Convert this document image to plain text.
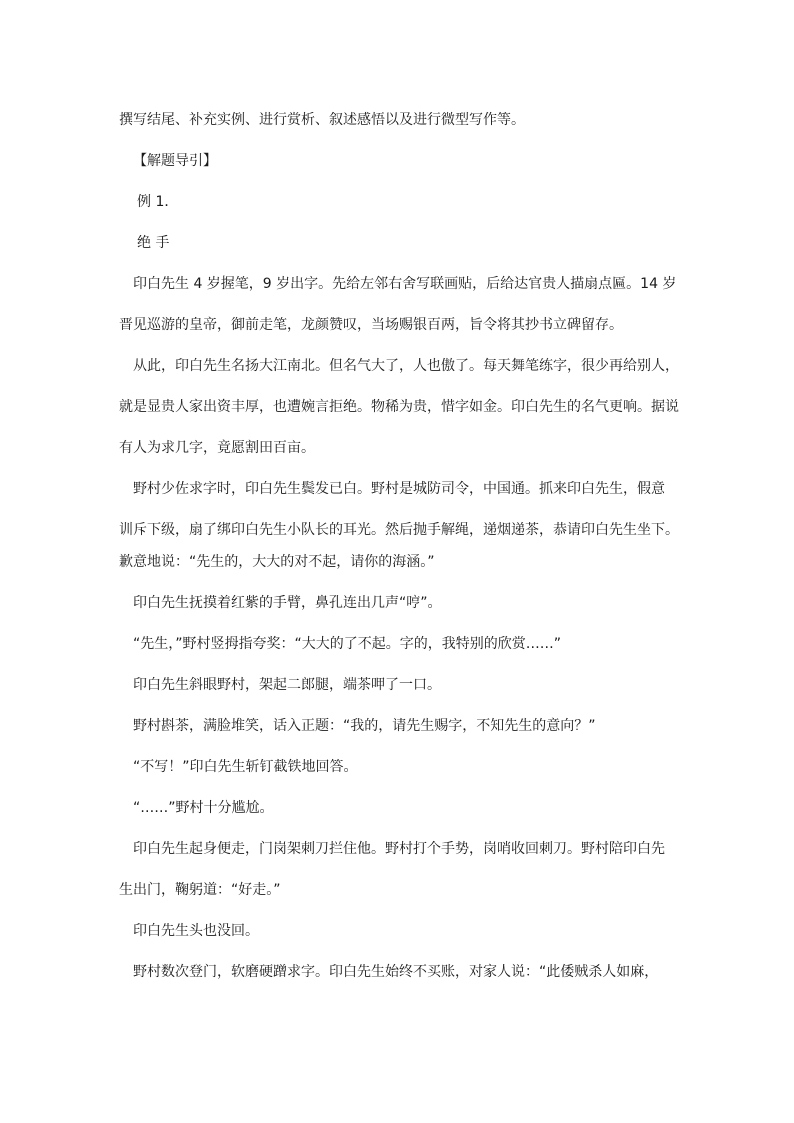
撰写结尾、补充实例、进行赏析、叙述感悟以及进行微型写作等。
【解题导引】
例 1．
绝 手
印白先生 4 岁握笔，9 岁出字。先给左邻右舍写联画贴，后给达官贵人描扇点匾。14 岁
晋见巡游的皇帝，御前走笔，龙颜赞叹，当场赐银百两，旨令将其抄书立碑留存。
从此，印白先生名扬大江南北。但名气大了，人也傲了。每天舞笔练字，很少再给别人，
就是显贵人家出资丰厚，也遭婉言拒绝。物稀为贵，惜字如金。印白先生的名气更响。据说
有人为求几字，竟愿割田百亩。
野村少佐求字时，印白先生鬓发已白。野村是城防司令，中国通。抓来印白先生，假意
训斥下级，扇了绑印白先生小队长的耳光。然后抛手解绳，递烟递茶，恭请印白先生坐下。
歉意地说：“先生的，大大的对不起，请你的海涵。”
印白先生抚摸着红紫的手臂，鼻孔连出几声“哼”。
“先生，”野村竖拇指夸奖：“大大的了不起。字的，我特别的欣赏……”
印白先生斜眼野村，架起二郎腿，端茶呷了一口。
野村斟茶，满脸堆笑，话入正题：“我的，请先生赐字，不知先生的意向？”
“不写！”印白先生斩钉截铁地回答。
“……”野村十分尴尬。
印白先生起身便走，门岗架刺刀拦住他。野村打个手势，岗哨收回刺刀。野村陪印白先
生出门，鞠躬道：“好走。”
印白先生头也没回。
野村数次登门，软磨硬蹭求字。印白先生始终不买账，对家人说：“此倭贼杀人如麻，
